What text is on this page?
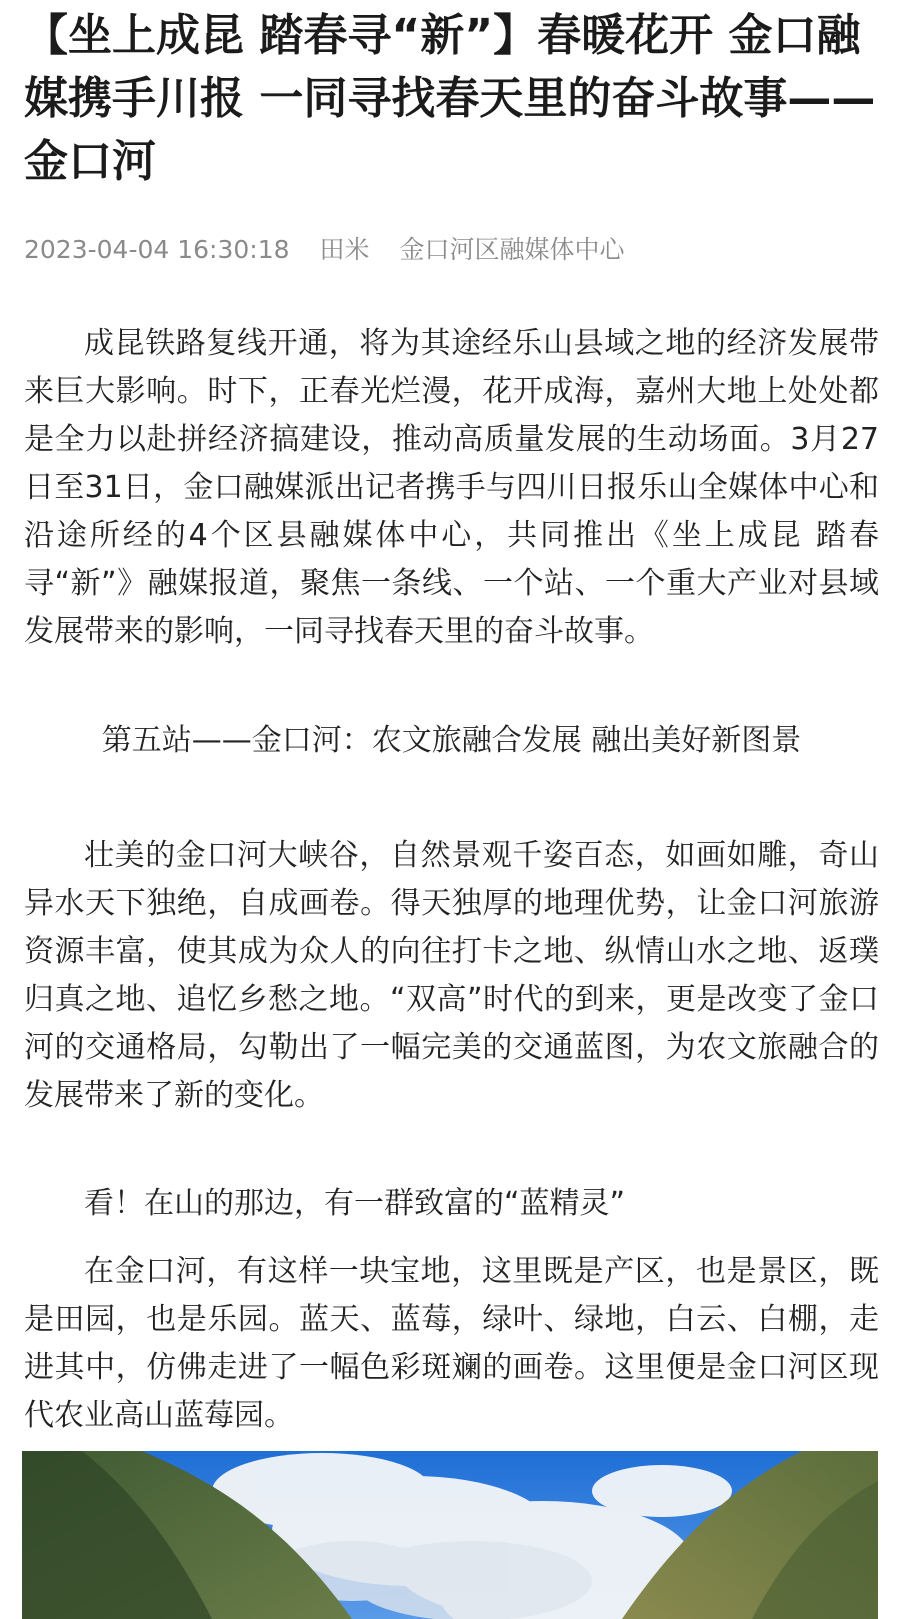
【坐上成昆 踏春寻“新”】春暖花开 金口融媒携手川报 一同寻找春天里的奋斗故事——金口河
2023-04-04 16:30:18 田米 金口河区融媒体中心

成昆铁路复线开通，将为其途经乐山县域之地的经济发展带来巨大影响。时下，正春光烂漫，花开成海，嘉州大地上处处都是全力以赴拼经济搞建设，推动高质量发展的生动场面。3月27日至31日，金口融媒派出记者携手与四川日报乐山全媒体中心和沿途所经的4个区县融媒体中心，共同推出《坐上成昆 踏春寻“新”》融媒报道，聚焦一条线、一个站、一个重大产业对县域发展带来的影响，一同寻找春天里的奋斗故事。

第五站——金口河：农文旅融合发展 融出美好新图景

壮美的金口河大峡谷，自然景观千姿百态，如画如雕，奇山异水天下独绝，自成画卷。得天独厚的地理优势，让金口河旅游资源丰富，使其成为众人的向往打卡之地、纵情山水之地、返璞归真之地、追忆乡愁之地。“双高”时代的到来，更是改变了金口河的交通格局，勾勒出了一幅完美的交通蓝图，为农文旅融合的发展带来了新的变化。

看！在山的那边，有一群致富的“蓝精灵”

在金口河，有这样一块宝地，这里既是产区，也是景区，既是田园，也是乐园。蓝天、蓝莓，绿叶、绿地，白云、白棚，走进其中，仿佛走进了一幅色彩斑斓的画卷。这里便是金口河区现代农业高山蓝莓园。
